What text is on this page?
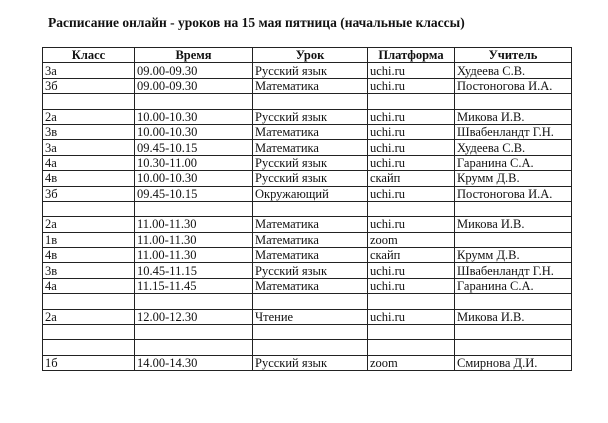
Расписание онлайн - уроков на 15 мая пятница (начальные классы)
Класс	Время	Урок	Платформа	Учитель
3а	09.00-09.30	Русский язык	uchi.ru	Худеева С.В.
3б	09.00-09.30	Математика	uchi.ru	Постоногова И.А.

2а	10.00-10.30	Русский язык	uchi.ru	Микова И.В.
3в	10.00-10.30	Математика	uchi.ru	Швабенландт Г.Н.
3а	09.45-10.15	Математика	uchi.ru	Худеева С.В.
4а	10.30-11.00	Русский язык	uchi.ru	Гаранина С.А.
4в	10.00-10.30	Русский язык	скайп	Крумм Д.В.
3б	09.45-10.15	Окружающий	uchi.ru	Постоногова И.А.

2а	11.00-11.30	Математика	uchi.ru	Микова И.В.
1в	11.00-11.30	Математика	zoom	
4в	11.00-11.30	Математика	скайп	Крумм Д.В.
3в	10.45-11.15	Русский язык	uchi.ru	Швабенландт Г.Н.
4а	11.15-11.45	Математика	uchi.ru	Гаранина С.А.

2а	12.00-12.30	Чтение	uchi.ru	Микова И.В.

1б	14.00-14.30	Русский язык	zoom	Смирнова Д.И.
